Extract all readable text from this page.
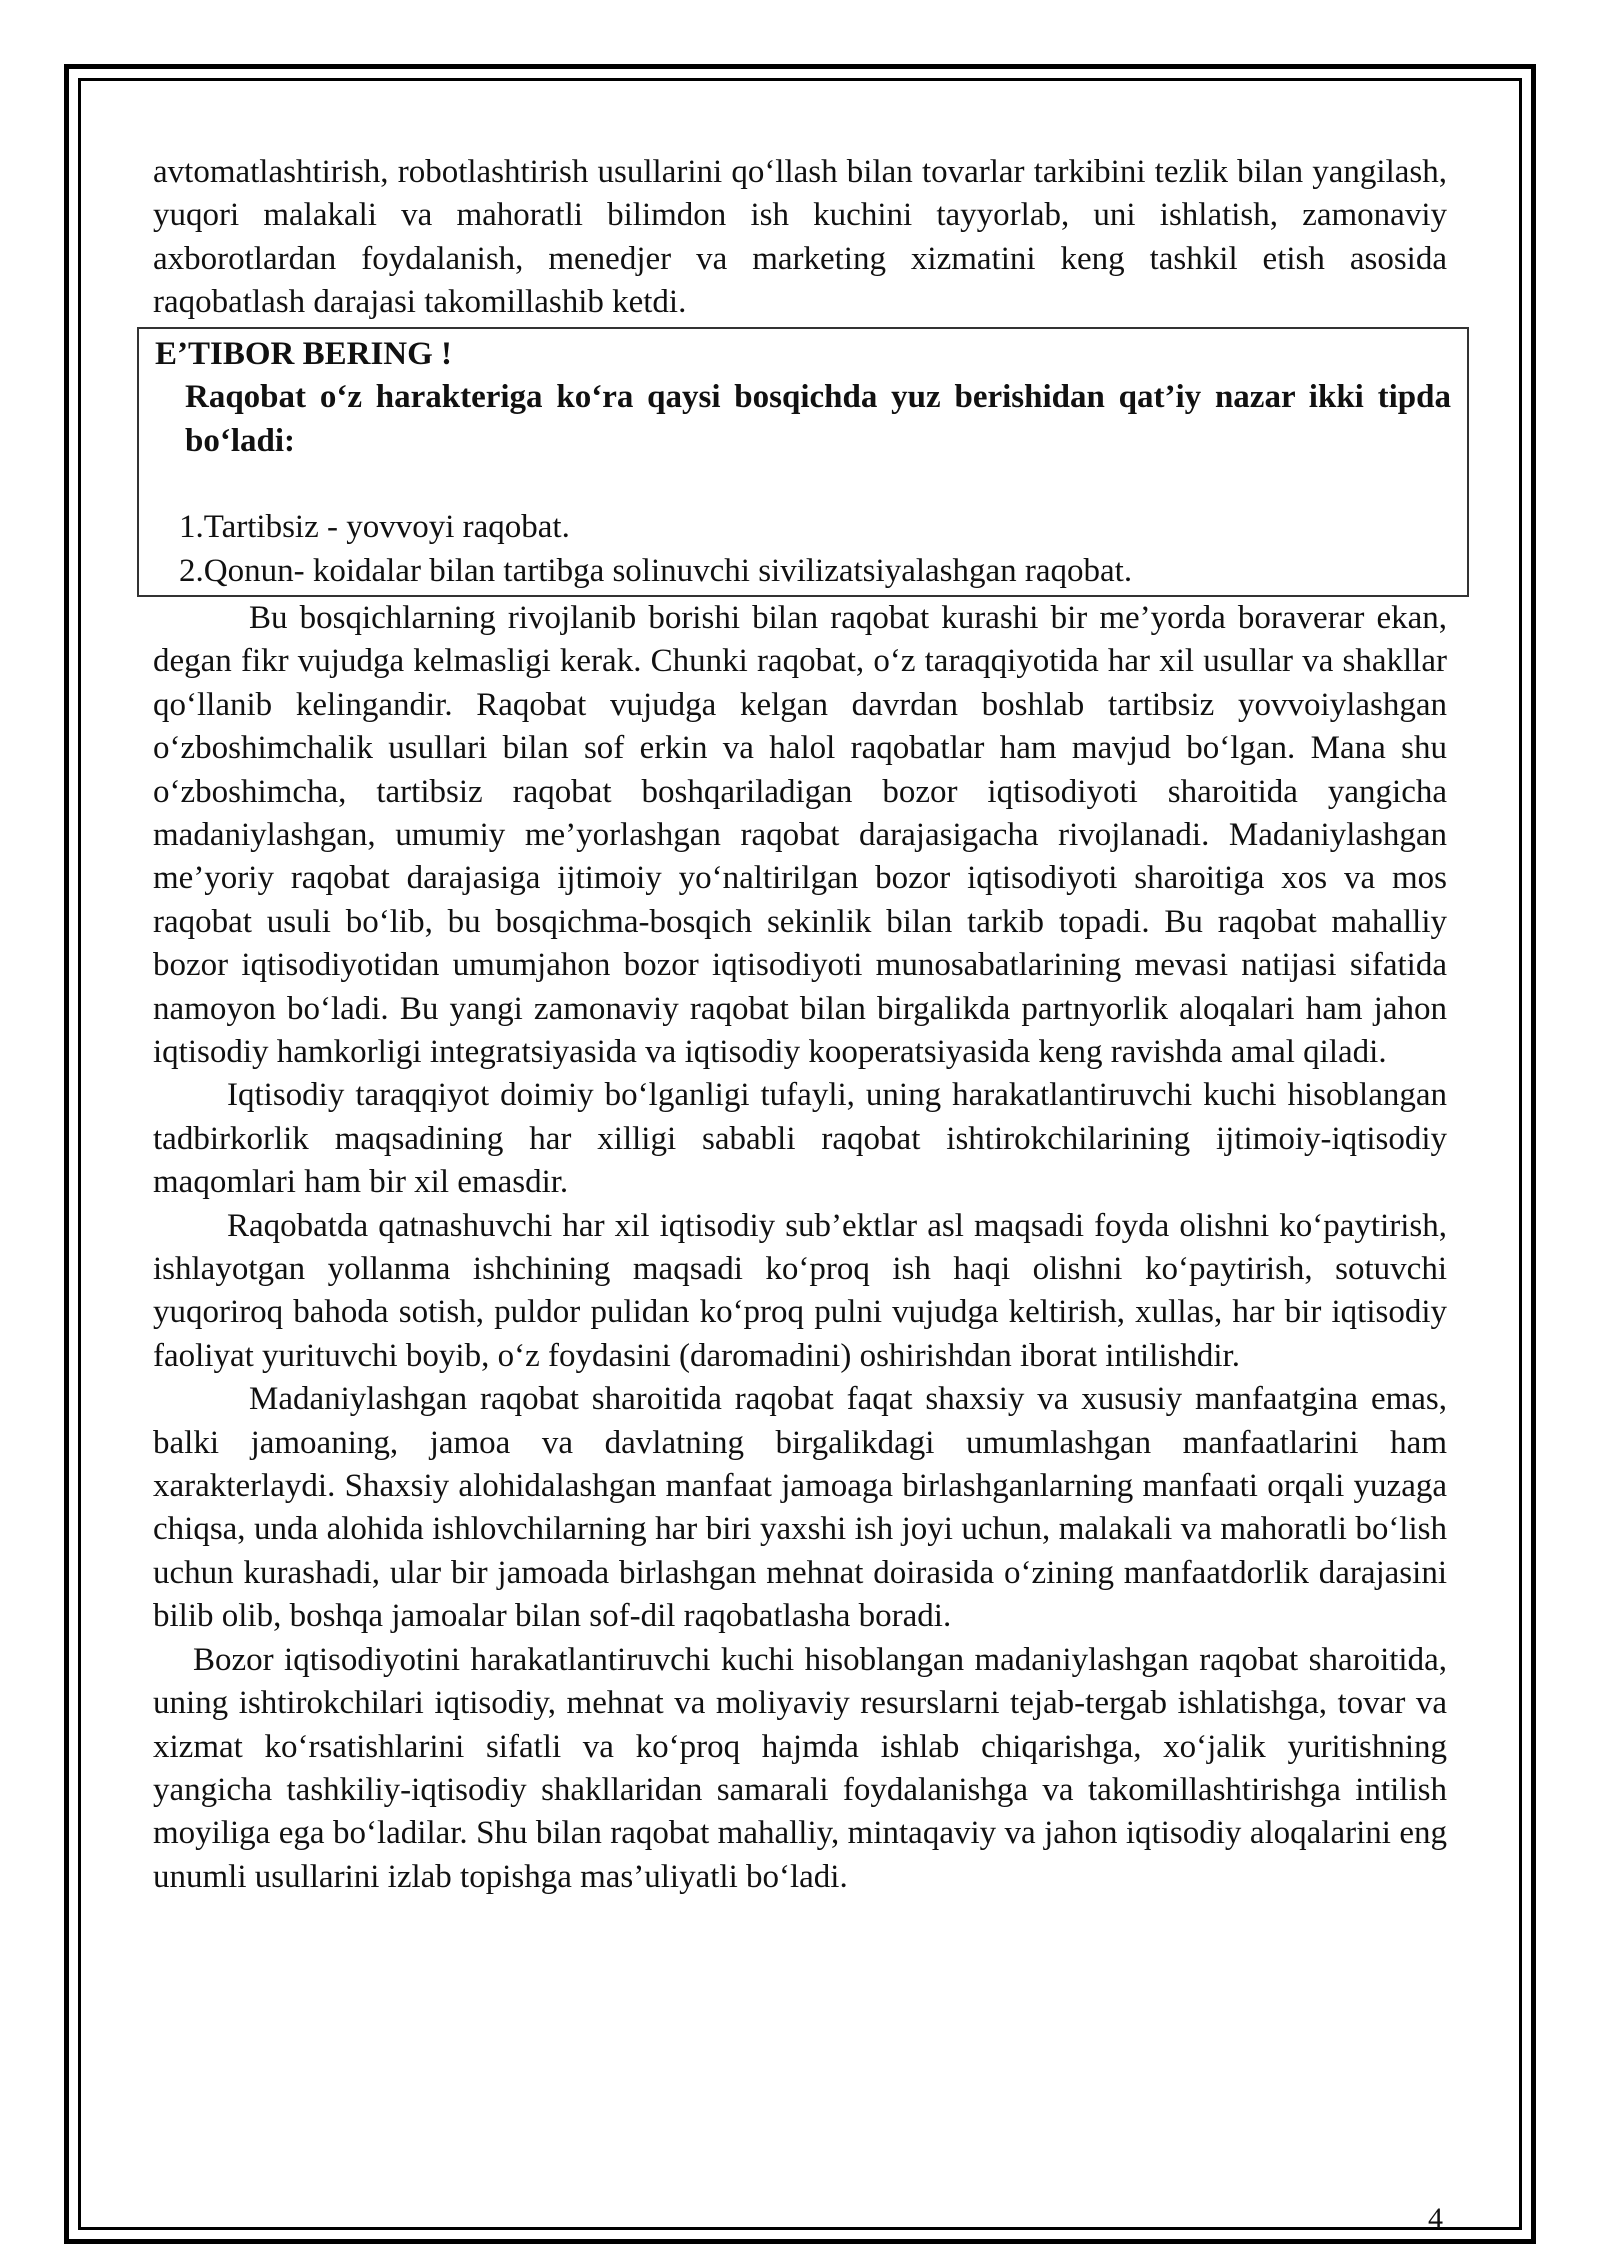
avtomatlashtirish, robotlashtirish usullarini qo‘llash bilan tovarlar tarkibini tezlik bilan yangilash, yuqori malakali va mahoratli bilimdon ish kuchini tayyorlab, uni ishlatish, zamonaviy axborotlardan foydalanish, menedjer va marketing xizmatini keng tashkil etish asosida raqobatlash darajasi takomillashib ketdi.

E’TIBOR BERING !

Raqobat o‘z harakteriga ko‘ra qaysi bosqichda yuz berishidan qat’iy nazar ikki tipda bo‘ladi:

1.Tartibsiz - yovvoyi raqobat.

2.Qonun- koidalar bilan tartibga solinuvchi sivilizatsiyalashgan raqobat.

Bu bosqichlarning rivojlanib borishi bilan raqobat kurashi bir me’yorda boraverar ekan, degan fikr vujudga kelmasligi kerak. Chunki raqobat, o‘z taraqqiyotida har xil usullar va shakllar qo‘llanib kelingandir. Raqobat vujudga kelgan davrdan boshlab tartibsiz yovvoiylashgan o‘zboshimchalik usullari bilan sof erkin va halol raqobatlar ham mavjud bo‘lgan. Mana shu o‘zboshimcha, tartibsiz raqobat boshqariladigan bozor iqtisodiyoti sharoitida yangicha madaniylashgan, umumiy me’yorlashgan raqobat darajasigacha rivojlanadi. Madaniylashgan me’yoriy raqobat darajasiga ijtimoiy yo‘naltirilgan bozor iqtisodiyoti sharoitiga xos va mos raqobat usuli bo‘lib, bu bosqichma-bosqich sekinlik bilan tarkib topadi. Bu raqobat mahalliy bozor iqtisodiyotidan umumjahon bozor iqtisodiyoti munosabatlarining mevasi natijasi sifatida namoyon bo‘ladi. Bu yangi zamonaviy raqobat bilan birgalikda partnyorlik aloqalari ham jahon iqtisodiy hamkorligi integratsiyasida va iqtisodiy kooperatsiyasida keng ravishda amal qiladi.

Iqtisodiy taraqqiyot doimiy bo‘lganligi tufayli, uning harakatlantiruvchi kuchi hisoblangan tadbirkorlik maqsadining har xilligi sababli raqobat ishtirokchilarining ijtimoiy-iqtisodiy maqomlari ham bir xil emasdir.

Raqobatda qatnashuvchi har xil iqtisodiy sub’ektlar asl maqsadi foyda olishni ko‘paytirish, ishlayotgan yollanma ishchining maqsadi ko‘proq ish haqi olishni ko‘paytirish, sotuvchi yuqoriroq bahoda sotish, puldor pulidan ko‘proq pulni vujudga keltirish, xullas, har bir iqtisodiy faoliyat yurituvchi boyib, o‘z foydasini (daromadini) oshirishdan iborat intilishdir.

Madaniylashgan raqobat sharoitida raqobat faqat shaxsiy va xususiy manfaatgina emas, balki jamoaning, jamoa va davlatning birgalikdagi umumlashgan manfaatlarini ham xarakterlaydi. Shaxsiy alohidalashgan manfaat jamoaga birlashganlarning manfaati orqali yuzaga chiqsa, unda alohida ishlovchilarning har biri yaxshi ish joyi uchun, malakali va mahoratli bo‘lish uchun kurashadi, ular bir jamoada birlashgan mehnat doirasida o‘zining manfaatdorlik darajasini bilib olib, boshqa jamoalar bilan sof-dil raqobatlasha boradi.

Bozor iqtisodiyotini harakatlantiruvchi kuchi hisoblangan madaniylashgan raqobat sharoitida, uning ishtirokchilari iqtisodiy, mehnat va moliyaviy resurslarni tejab-tergab ishlatishga, tovar va xizmat ko‘rsatishlarini sifatli va ko‘proq hajmda ishlab chiqarishga, xo‘jalik yuritishning yangicha tashkiliy-iqtisodiy shakllaridan samarali foydalanishga va takomillashtirishga intilish moyiliga ega bo‘ladilar. Shu bilan raqobat mahalliy, mintaqaviy va jahon iqtisodiy aloqalarini eng unumli usullarini izlab topishga mas’uliyatli bo‘ladi.

4
